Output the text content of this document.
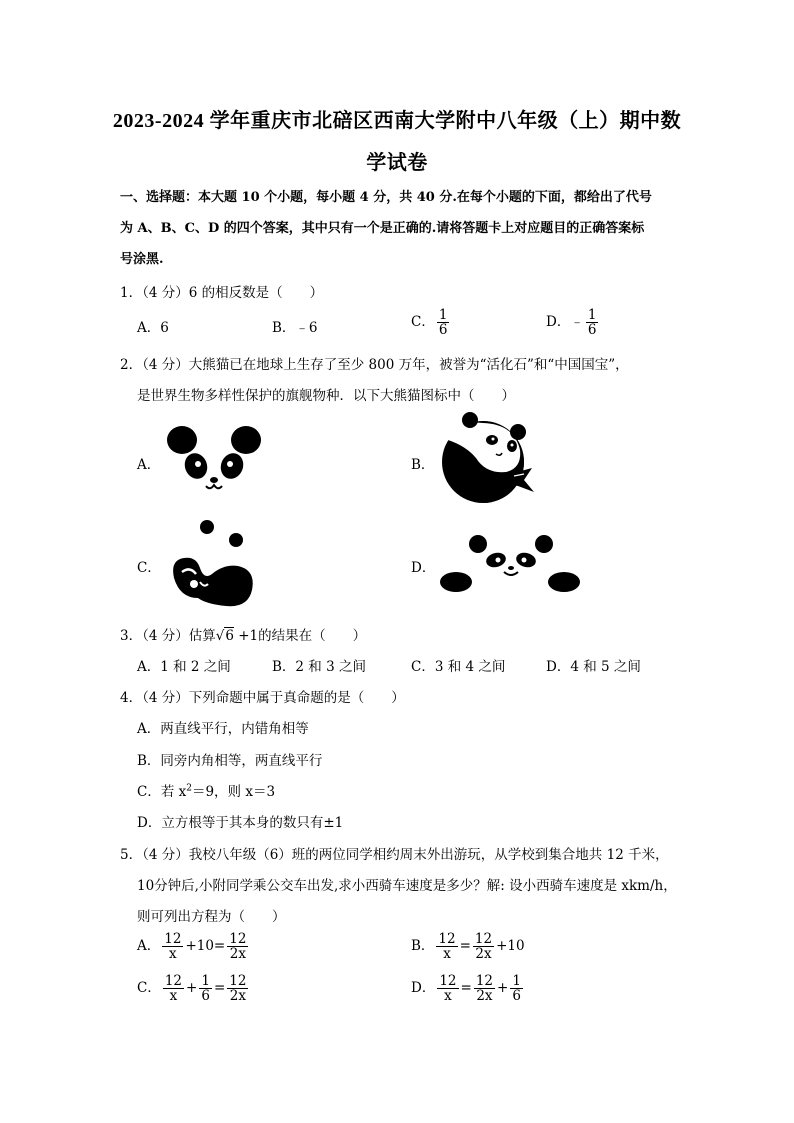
2023-2024 学年重庆市北碚区西南大学附中八年级（上）期中数
学试卷
一、选择题：本大题 10 个小题，每小题 4 分，共 40 分.在每个小题的下面，都给出了代号
为 A、B、C、D 的四个答案，其中只有一个是正确的.请将答题卡上对应题目的正确答案标
号涂黑.
1．（4 分）6 的相反数是（　　）
A．6	B．﹣6	C． $\frac{1}{6}$	D．﹣ $\frac{1}{6}$
2．（4 分）大熊猫已在地球上生存了至少 800 万年，被誉为“活化石”和“中国国宝”，
是世界生物多样性保护的旗舰物种．以下大熊猫图标中（　　）
A．	B．
C．	D．
3．（4 分）估算√6 +1的结果在（　　）
A．1 和 2 之间	B．2 和 3 之间	C．3 和 4 之间	D．4 和 5 之间
4．（4 分）下列命题中属于真命题的是（　　）
A．两直线平行，内错角相等
B．同旁内角相等，两直线平行
C．若 $x^2=9$，则 x＝3
D．立方根等于其本身的数只有±1
5．（4 分）我校八年级（6）班的两位同学相约周末外出游玩，从学校到集合地共 12 千米，
10分钟后,小附同学乘公交车出发,求小西骑车速度是多少？解: 设小西骑车速度是 xkm/h，
则可列出方程为（　　）
A． $\frac{12}{x} +10= \frac{12}{2x}$	B． $\frac{12}{x} = \frac{12}{2x} +10$
C． $\frac{12}{x} + \frac{1}{6} = \frac{12}{2x}$	D． $\frac{12}{x} = \frac{12}{2x} + \frac{1}{6}$
